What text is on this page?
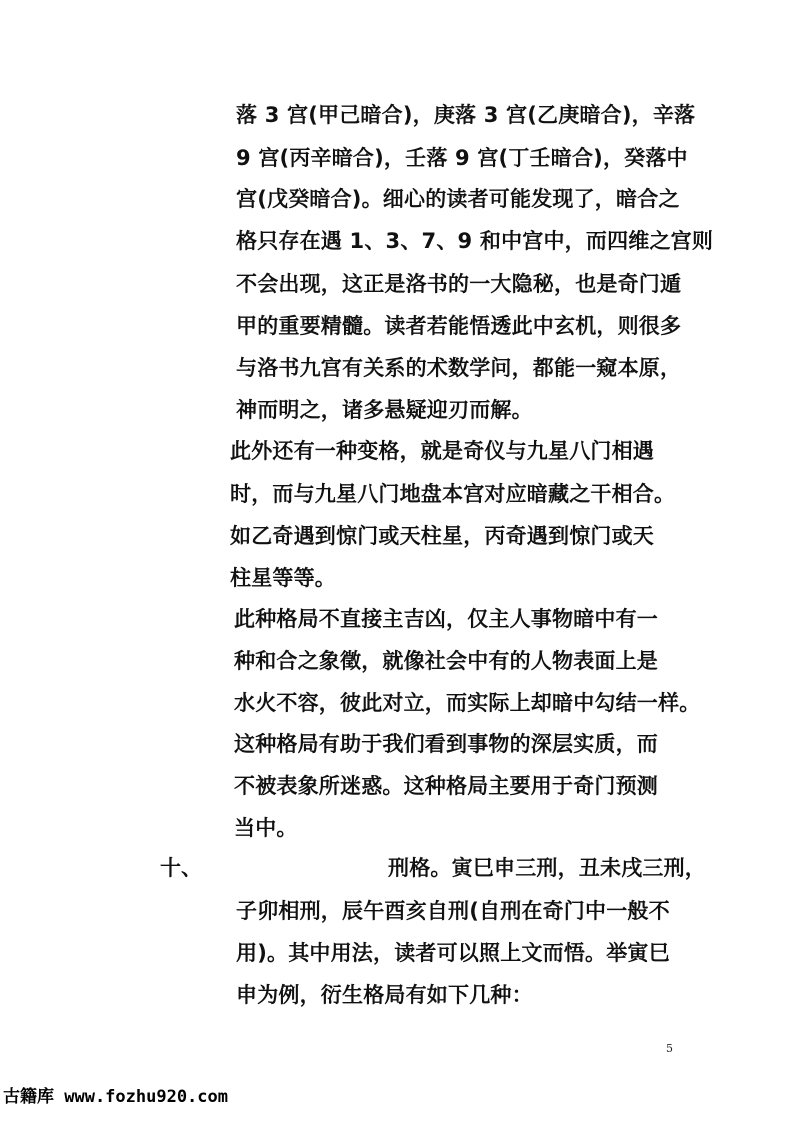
落 3 宫(甲己暗合)，庚落 3 宫(乙庚暗合)，辛落
9 宫(丙辛暗合)，壬落 9 宫(丁壬暗合)，癸落中
宫(戊癸暗合)。细心的读者可能发现了，暗合之
格只存在遇 1、3、7、9 和中宫中，而四维之宫则
不会出现，这正是洛书的一大隐秘，也是奇门遁
甲的重要精髓。读者若能悟透此中玄机，则很多
与洛书九宫有关系的术数学问，都能一窥本原，
神而明之，诸多悬疑迎刃而解。
此外还有一种变格，就是奇仪与九星八门相遇
时，而与九星八门地盘本宫对应暗藏之干相合。
如乙奇遇到惊门或天柱星，丙奇遇到惊门或天
柱星等等。
此种格局不直接主吉凶，仅主人事物暗中有一
种和合之象徵，就像社会中有的人物表面上是
水火不容，彼此对立，而实际上却暗中勾结一样。
这种格局有助于我们看到事物的深层实质，而
不被表象所迷惑。这种格局主要用于奇门预测
当中。
十、	刑格。寅巳申三刑，丑未戌三刑，
子卯相刑，辰午酉亥自刑(自刑在奇门中一般不
用)。其中用法，读者可以照上文而悟。举寅巳
申为例，衍生格局有如下几种：
5
古籍库 www.fozhu920.com
